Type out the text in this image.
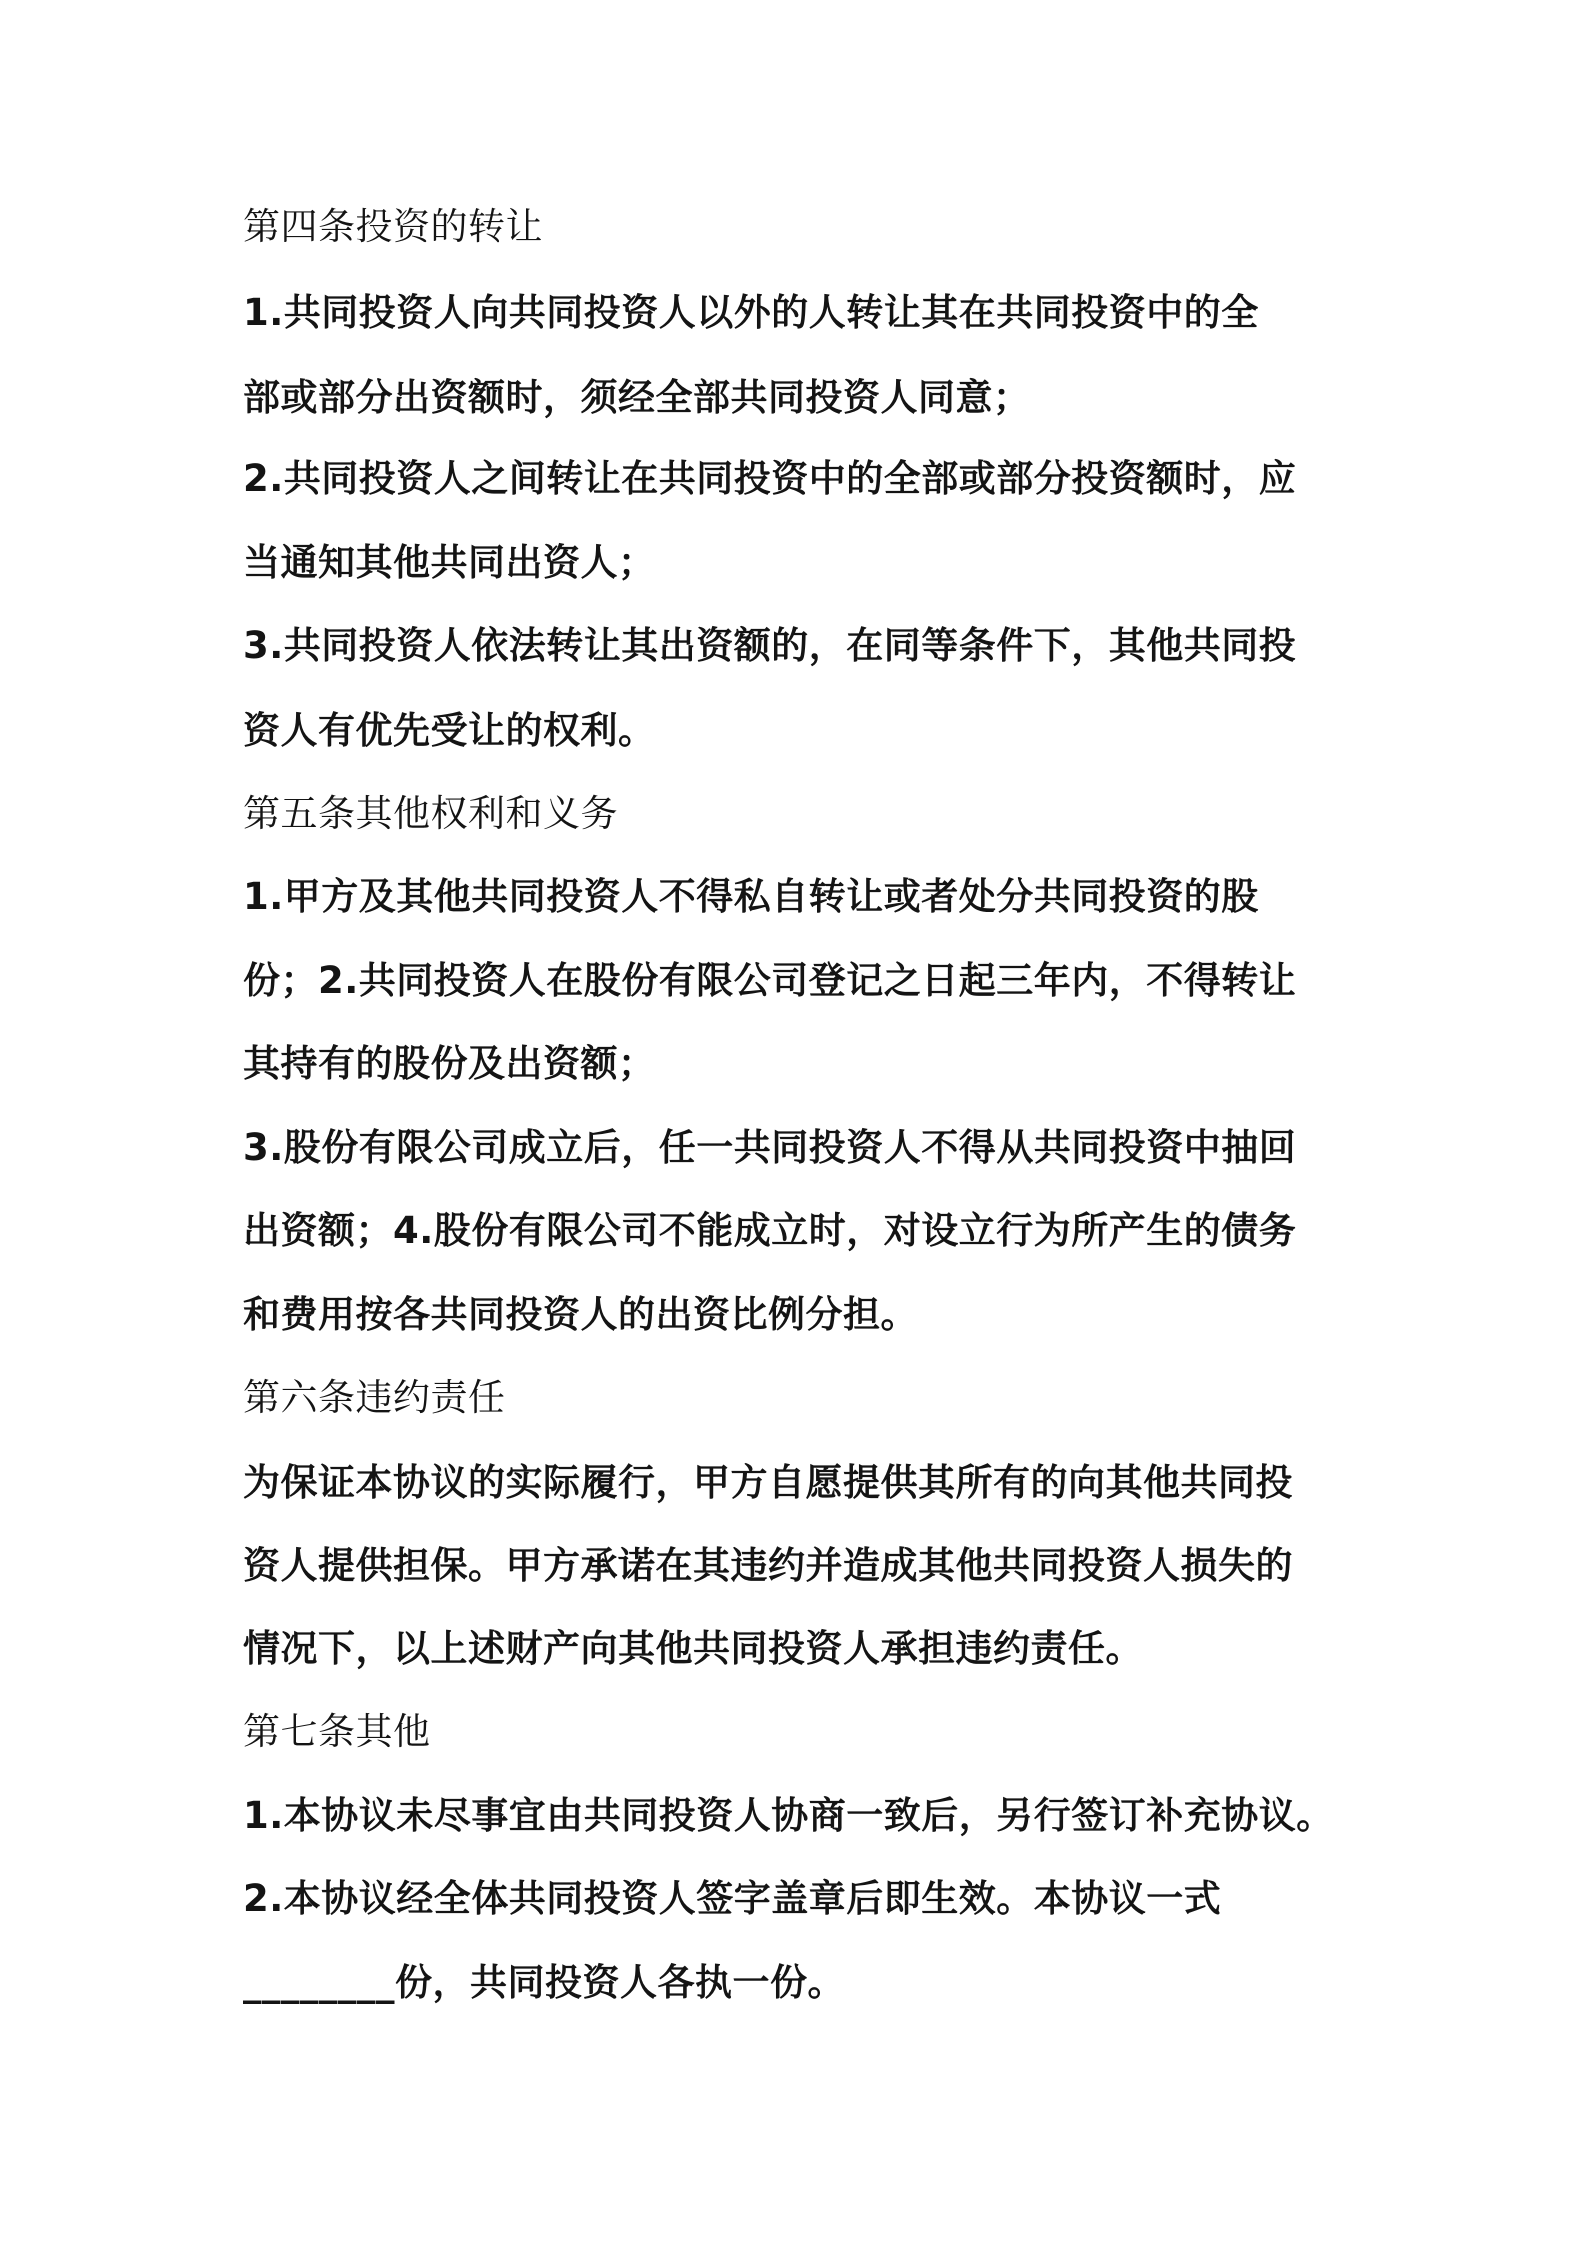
第四条投资的转让
1.共同投资人向共同投资人以外的人转让其在共同投资中的全
部或部分出资额时，须经全部共同投资人同意；
2.共同投资人之间转让在共同投资中的全部或部分投资额时，应
当通知其他共同出资人；
3.共同投资人依法转让其出资额的，在同等条件下，其他共同投
资人有优先受让的权利。
第五条其他权利和义务
1.甲方及其他共同投资人不得私自转让或者处分共同投资的股
份；2.共同投资人在股份有限公司登记之日起三年内，不得转让
其持有的股份及出资额；
3.股份有限公司成立后，任一共同投资人不得从共同投资中抽回
出资额；4.股份有限公司不能成立时，对设立行为所产生的债务
和费用按各共同投资人的出资比例分担。
第六条违约责任
为保证本协议的实际履行，甲方自愿提供其所有的向其他共同投
资人提供担保。甲方承诺在其违约并造成其他共同投资人损失的
情况下，以上述财产向其他共同投资人承担违约责任。
第七条其他
1.本协议未尽事宜由共同投资人协商一致后，另行签订补充协议。
2.本协议经全体共同投资人签字盖章后即生效。本协议一式
________份，共同投资人各执一份。
